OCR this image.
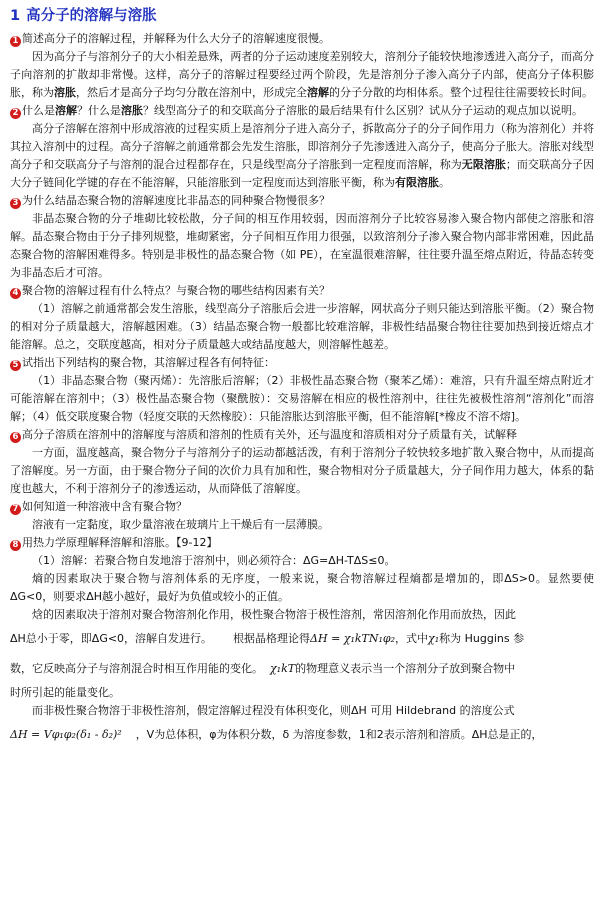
1 高分子的溶解与溶胀

1 简述高分子的溶解过程，并解释为什么大分子的溶解速度很慢。

因为高分子与溶剂分子的大小相差悬殊，两者的分子运动速度差别较大，溶剂分子能较快地渗透进入高分子，而高分子向溶剂的扩散却非常慢。这样，高分子的溶解过程要经过两个阶段，先是溶剂分子渗入高分子内部，使高分子体积膨胀，称为溶胀，然后才是高分子均匀分散在溶剂中，形成完全溶解的分子分散的均相体系。整个过程往往需要较长时间。

2 什么是溶解？什么是溶胀？线型高分子的和交联高分子溶胀的最后结果有什么区别？试从分子运动的观点加以说明。

高分子溶解在溶剂中形成溶液的过程实质上是溶剂分子进入高分子，拆散高分子的分子间作用力（称为溶剂化）并将其拉入溶剂中的过程。高分子溶解之前通常都会先发生溶胀，即溶剂分子先渗透进入高分子，使高分子胀大。溶胀对线型高分子和交联高分子与溶剂的混合过程都存在，只是线型高分子溶胀到一定程度而溶解，称为无限溶胀；而交联高分子因大分子链间化学键的存在不能溶解，只能溶胀到一定程度而达到溶胀平衡，称为有限溶胀。

3 为什么结晶态聚合物的溶解速度比非晶态的同种聚合物慢很多？

非晶态聚合物的分子堆砌比较松散，分子间的相互作用较弱，因而溶剂分子比较容易渗入聚合物内部使之溶胀和溶解。晶态聚合物由于分子排列规整，堆砌紧密，分子间相互作用力很强，以致溶剂分子渗入聚合物内部非常困难，因此晶态聚合物的溶解困难得多。特别是非极性的晶态聚合物（如 PE），在室温很难溶解，往往要升温至熔点附近，待晶态转变为非晶态后才可溶。

4 聚合物的溶解过程有什么特点？与聚合物的哪些结构因素有关？

（1）溶解之前通常都会发生溶胀，线型高分子溶胀后会进一步溶解，网状高分子则只能达到溶胀平衡。（2）聚合物的相对分子质量越大，溶解越困难。（3）结晶态聚合物一般都比较难溶解，非极性结晶聚合物往往要加热到接近熔点才能溶解。总之，交联度越高，相对分子质量越大或结晶度越大，则溶解性越差。

5 试指出下列结构的聚合物，其溶解过程各有何特征：

（1）非晶态聚合物（聚丙烯）：先溶胀后溶解；（2）非极性晶态聚合物（聚苯乙烯）：难溶，只有升温至熔点附近才可能溶解在溶剂中；（3）极性晶态聚合物（聚酰胺）：交易溶解在相应的极性溶剂中，往往先被极性溶剂“溶剂化”而溶解；（4）低交联度聚合物（轻度交联的天然橡胶）：只能溶胀达到溶胀平衡，但不能溶解[*橡皮不溶不熔]。

6 高分子溶质在溶剂中的溶解度与溶质和溶剂的性质有关外，还与温度和溶质相对分子质量有关，试解释

一方面，温度越高，聚合物分子与溶剂分子的运动都越活泼，有利于溶剂分子较快较多地扩散入聚合物中，从而提高了溶解度。另一方面，由于聚合物分子间的次价力具有加和性，聚合物相对分子质量越大，分子间作用力越大，体系的黏度也越大，不利于溶剂分子的渗透运动，从而降低了溶解度。

7 如何知道一种溶液中含有聚合物？

溶液有一定黏度，取少量溶液在玻璃片上干燥后有一层薄膜。

8 用热力学原理解释溶解和溶胀。【9-12】

（1）溶解：若聚合物自发地溶于溶剂中，则必须符合：ΔG=ΔH-TΔS≤0。

熵的因素取决于聚合物与溶剂体系的无序度，一般来说，聚合物溶解过程熵都是增加的，即ΔS>0。显然要使ΔG<0，则要求ΔH越小越好，最好为负值或较小的正值。

焓的因素取决于溶剂对聚合物溶剂化作用，极性聚合物溶于极性溶剂，常因溶剂化作用而放热，因此

ΔH总小于零，即ΔG<0，溶解自发进行。 根据晶格理论得ΔH = χ₁kTN₁φ₂，式中χ₁称为 Huggins 参

数，它反映高分子与溶剂混合时相互作用能的变化。 χ₁kT的物理意义表示当一个溶剂分子放到聚合物中

时所引起的能量变化。

而非极性聚合物溶于非极性溶剂，假定溶解过程没有体积变化，则ΔH 可用 Hildebrand 的溶度公式

ΔH = Vφ₁φ₂(δ₁ - δ₂)² ，V为总体积，φ为体积分数，δ 为溶度参数，1和2表示溶剂和溶质。ΔH总是正的，
